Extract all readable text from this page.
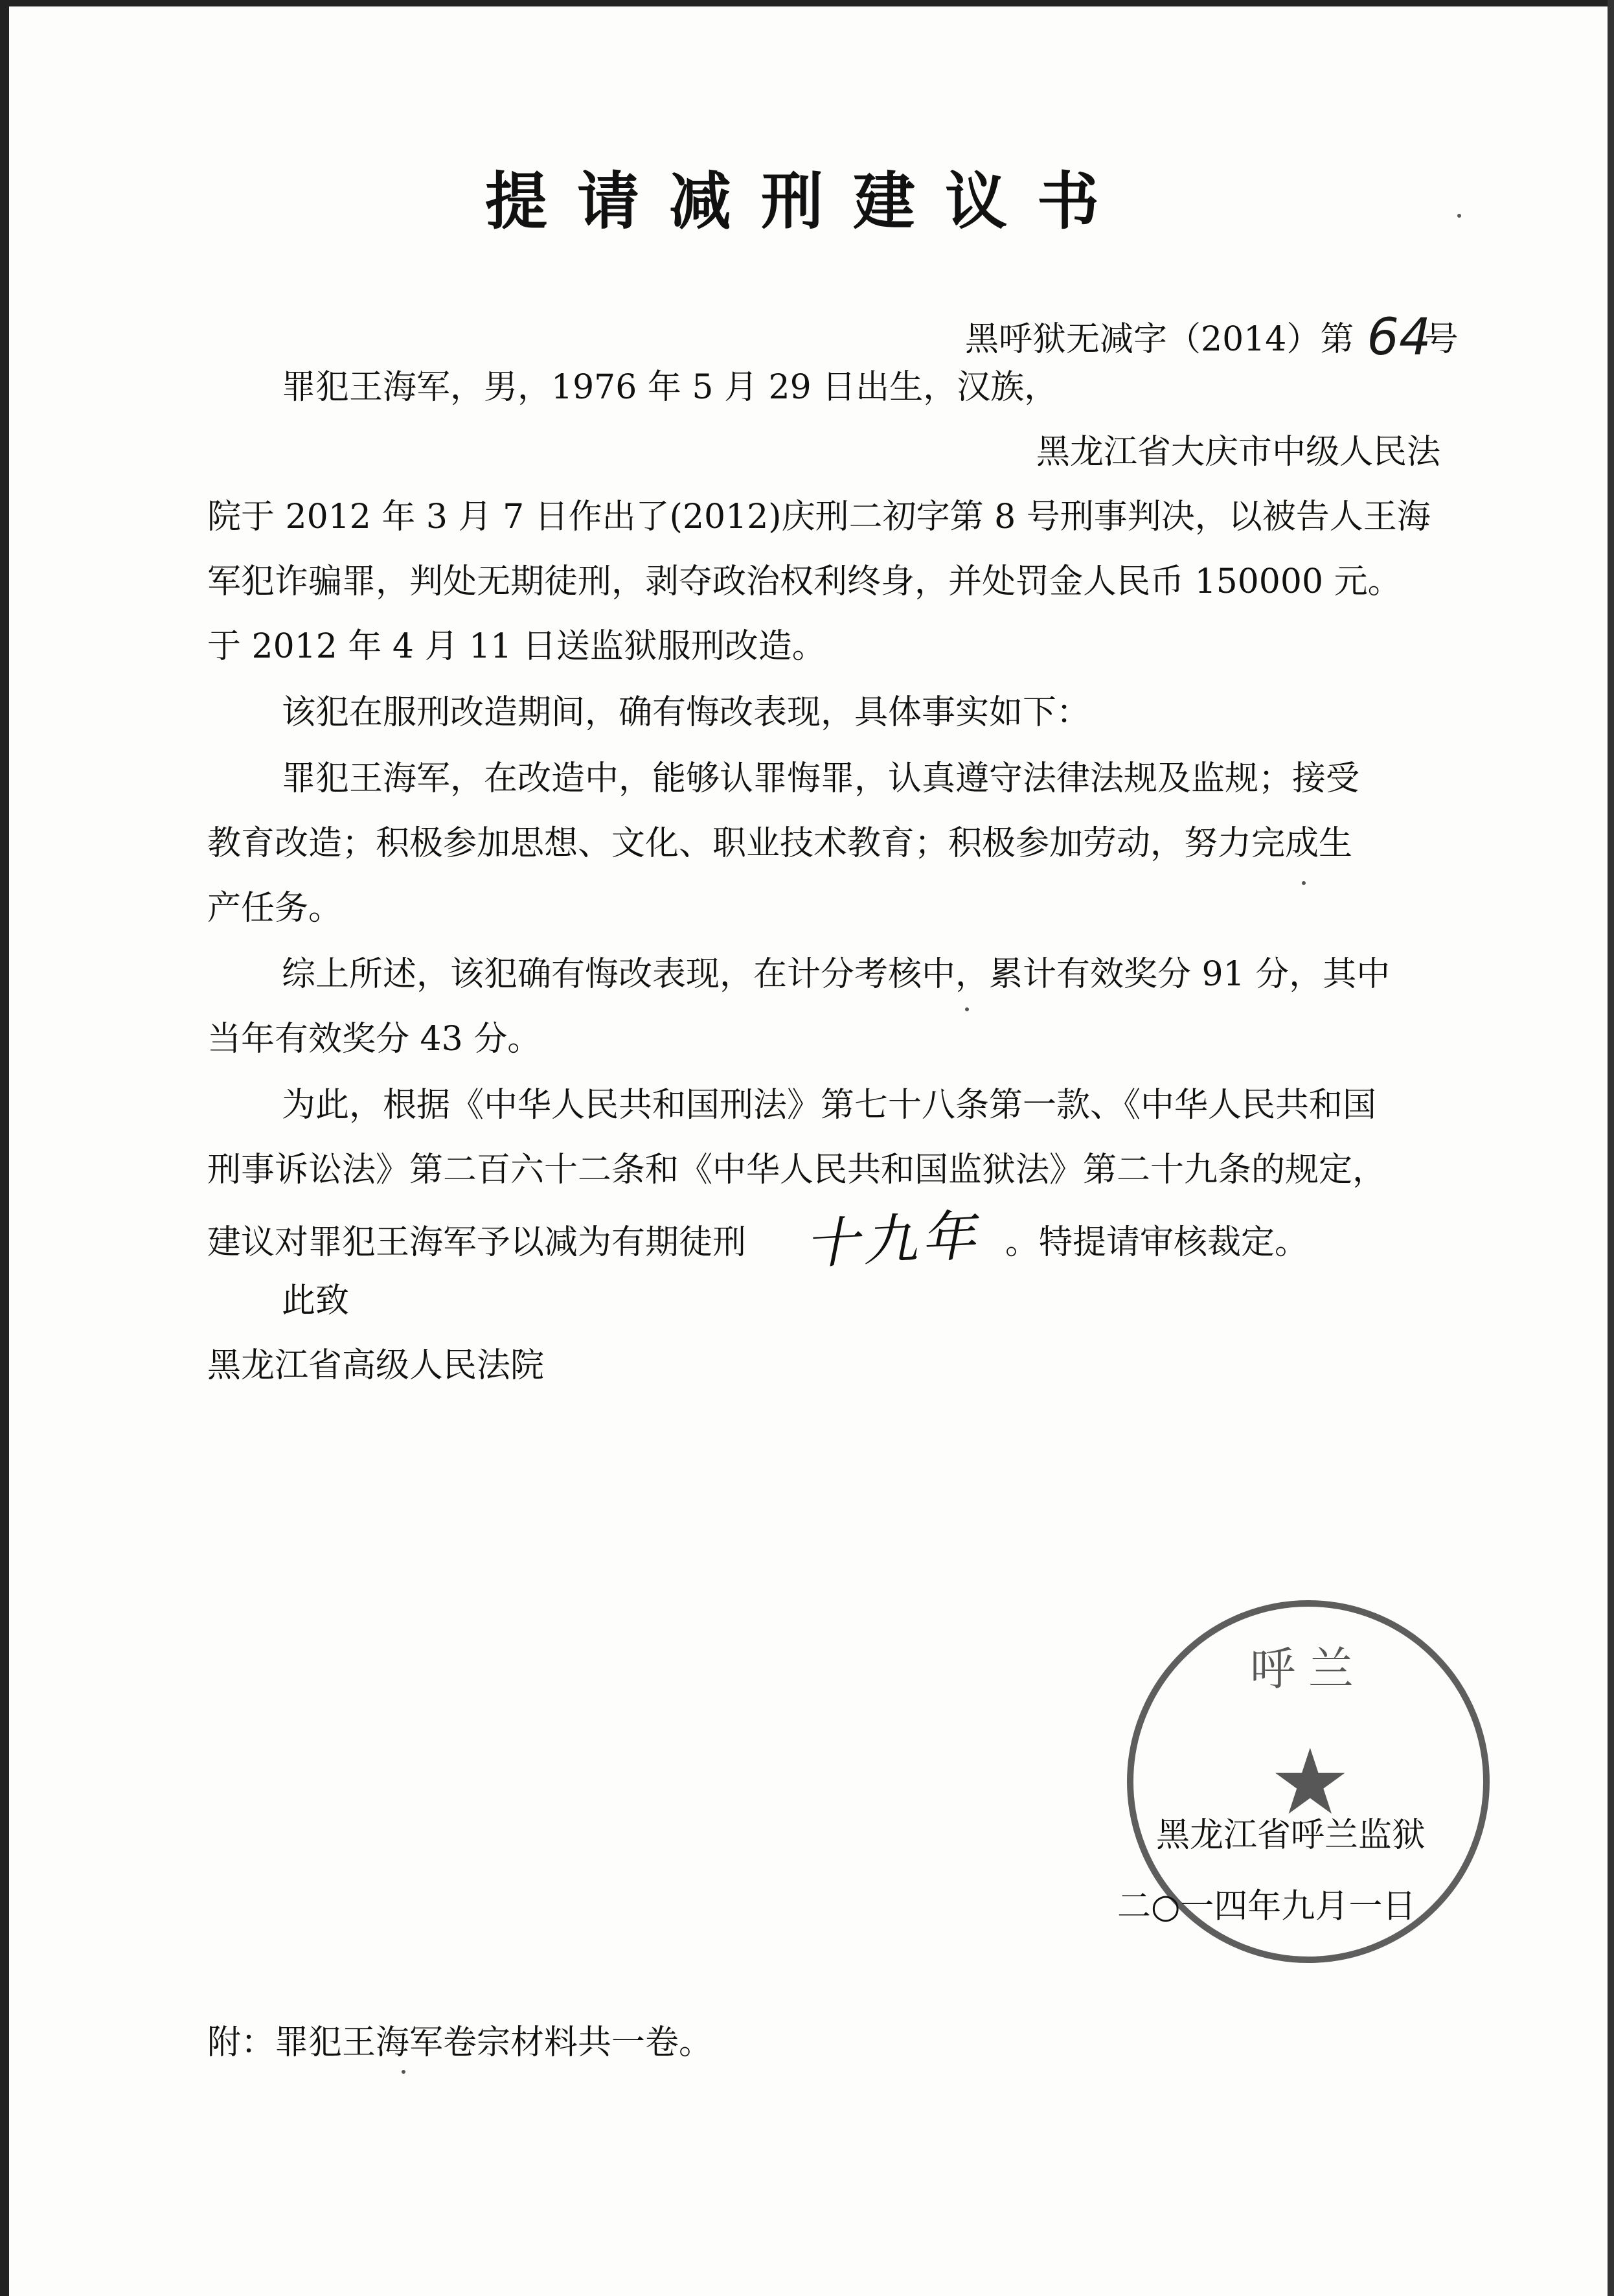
提请减刑建议书
黑呼狱无减字（2014）第 64号
罪犯王海军，男，1976 年 5 月 29 日出生，汉族，
黑龙江省大庆市中级人民法
院于 2012 年 3 月 7 日作出了(2012)庆刑二初字第 8 号刑事判决，以被告人王海
军犯诈骗罪，判处无期徒刑，剥夺政治权利终身，并处罚金人民币 150000 元。
于 2012 年 4 月 11 日送监狱服刑改造。
该犯在服刑改造期间，确有悔改表现，具体事实如下：
罪犯王海军，在改造中，能够认罪悔罪，认真遵守法律法规及监规；接受
教育改造；积极参加思想、文化、职业技术教育；积极参加劳动，努力完成生
产任务。
综上所述，该犯确有悔改表现，在计分考核中，累计有效奖分 91 分，其中
当年有效奖分 43 分。
为此，根据《中华人民共和国刑法》第七十八条第一款、《中华人民共和国
刑事诉讼法》第二百六十二条和《中华人民共和国监狱法》第二十九条的规定，
建议对罪犯王海军予以减为有期徒刑 十九年 。特提请审核裁定。
此致
黑龙江省高级人民法院
呼兰
★
黑龙江省呼兰监狱
二○一四年九月一日
附：罪犯王海军卷宗材料共一卷。
